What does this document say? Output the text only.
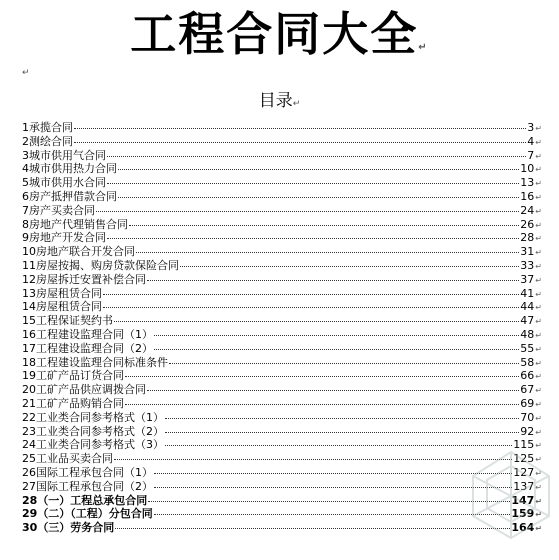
工程合同大全↵
↵
目录↵
1 承揽合同	3 ↵
2 测绘合同	4 ↵
3 城市供用气合同	7 ↵
4 城市供用热力合同	10 ↵
5 城市供用水合同	13 ↵
6 房产抵押借款合同	16 ↵
7 房产买卖合同	24 ↵
8 房地产代理销售合同	26 ↵
9 房地产开发合同	28 ↵
10 房地产联合开发合同	31 ↵
11 房屋按揭、购房贷款保险合同	33 ↵
12 房屋拆迁安置补偿合同	37 ↵
13 房屋租赁合同	41 ↵
14 房屋租赁合同	44 ↵
15 工程保证契约书	47 ↵
16 工程建设监理合同（1）	48 ↵
17 工程建设监理合同（2）	55 ↵
18 工程建设监理合同标准条件	58 ↵
19 工矿产品订货合同	66 ↵
20 工矿产品供应调拨合同	67 ↵
21 工矿产品购销合同	69 ↵
22 工业类合同参考格式（1）	70 ↵
23 工业类合同参考格式（2）	92 ↵
24 工业类合同参考格式（3）	115 ↵
25 工业品买卖合同	125 ↵
26 国际工程承包合同（1）	127 ↵
27 国际工程承包合同（2）	137 ↵
28 （一）工程总承包合同	147 ↵
29 （二）（工程）分包合同	159 ↵
30 （三）劳务合同	164 ↵
